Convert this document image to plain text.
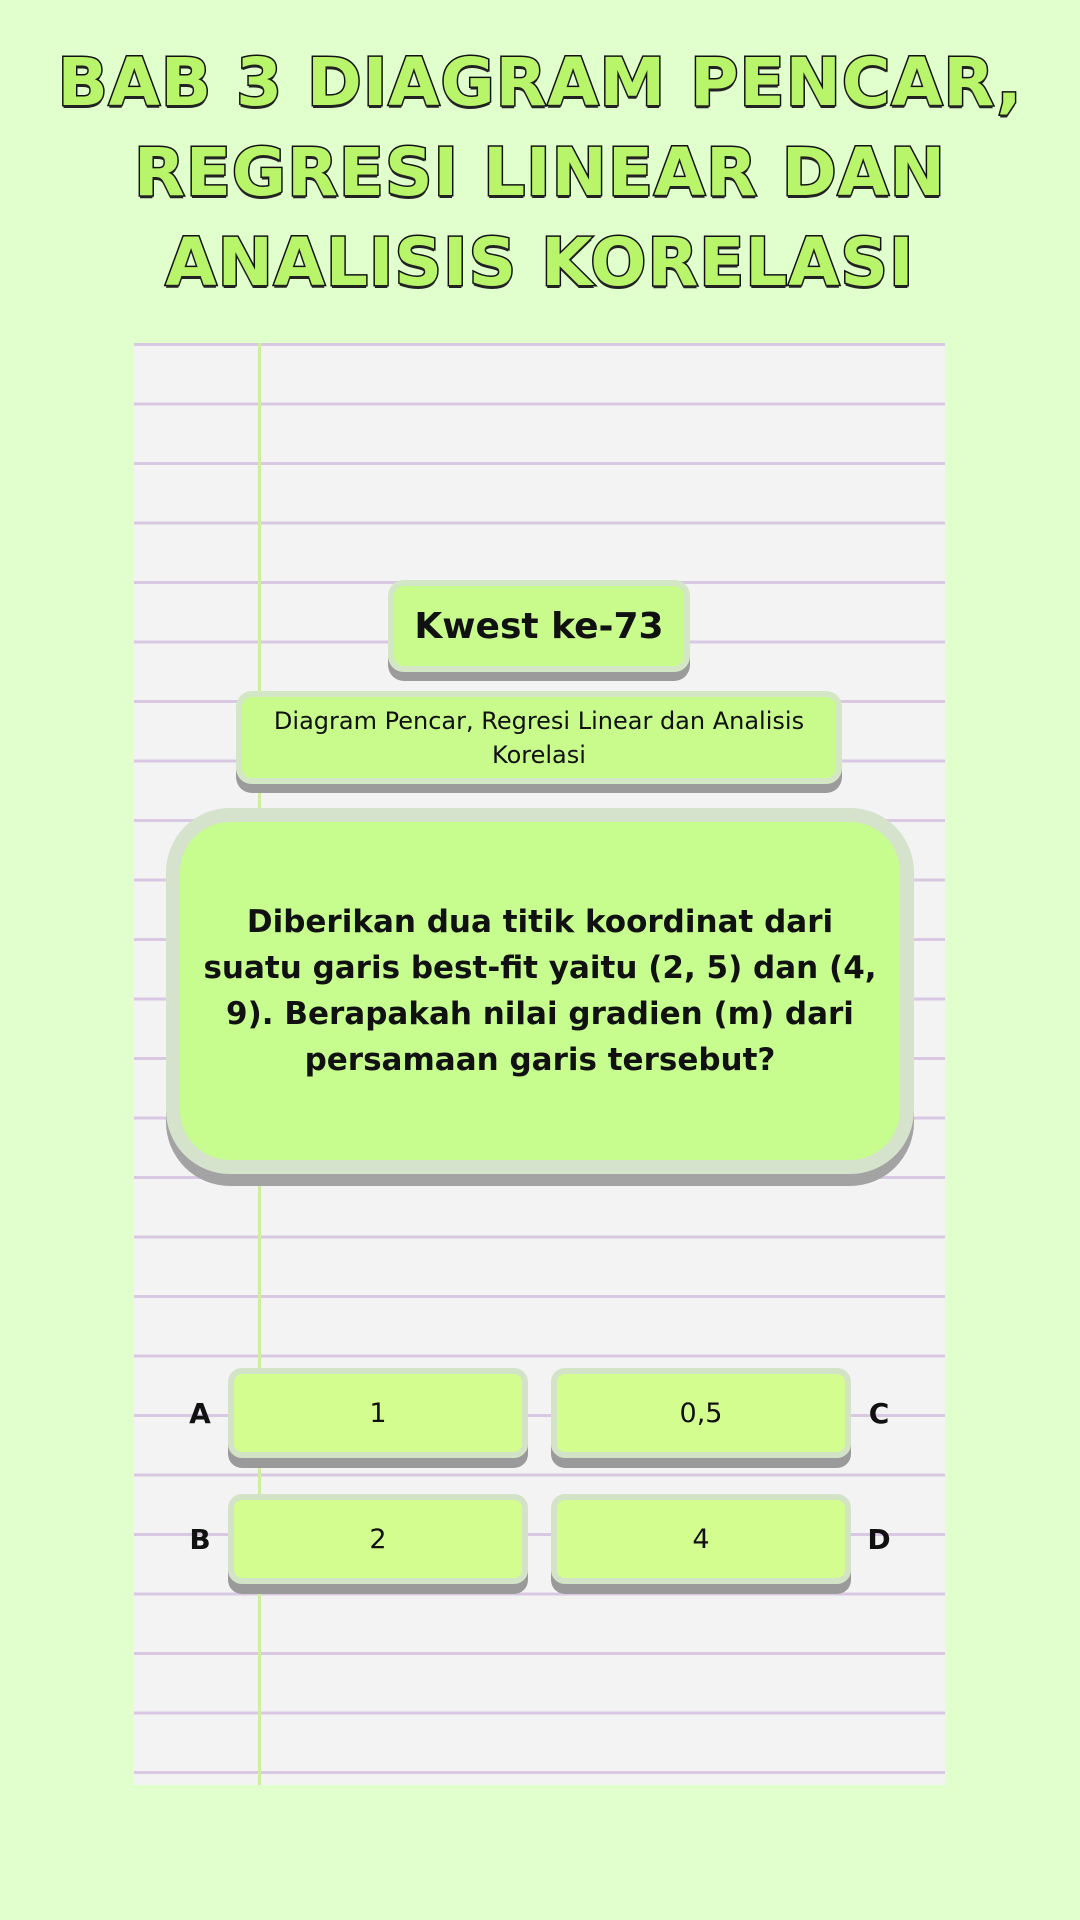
BAB 3 DIAGRAM PENCAR, REGRESI LINEAR DAN ANALISIS KORELASI
Kwest ke-73
Diagram Pencar, Regresi Linear dan Analisis Korelasi
Diberikan dua titik koordinat dari suatu garis best-fit yaitu (2, 5) dan (4, 9). Berapakah nilai gradien (m) dari persamaan garis tersebut?
A	1
B	2
0,5	C
4	D
